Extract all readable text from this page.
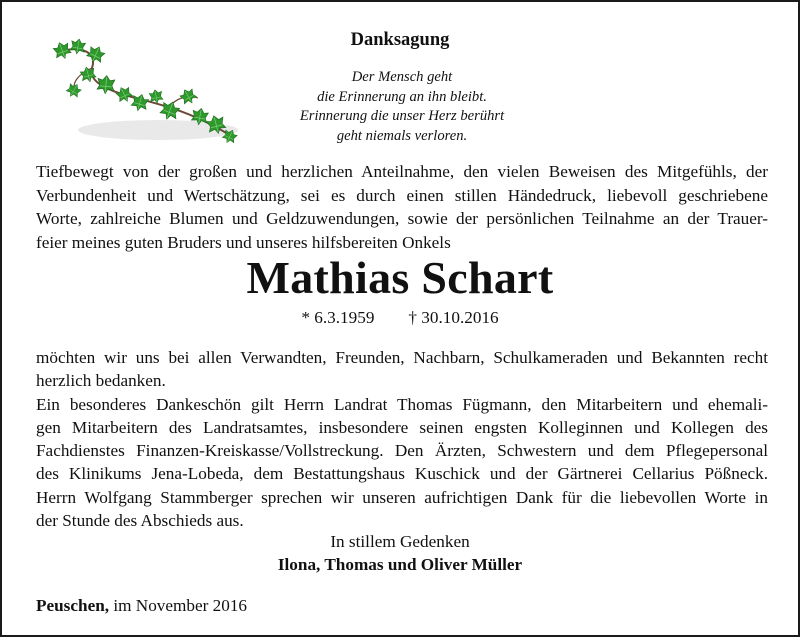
Danksagung
Der Mensch geht
die Erinnerung an ihn bleibt.
Erinnerung die unser Herz berührt
geht niemals verloren.
Tiefbewegt von der großen und herzlichen Anteilnahme, den vielen Beweisen des Mitgefühls, der
Verbundenheit und Wertschätzung, sei es durch einen stillen Händedruck, liebevoll geschriebene
Worte, zahlreiche Blumen und Geldzuwendungen, sowie der persönlichen Teilnahme an der Trauer-
feier meines guten Bruders und unseres hilfsbereiten Onkels
Mathias Schart
* 6.3.1959 † 30.10.2016
möchten wir uns bei allen Verwandten, Freunden, Nachbarn, Schulkameraden und Bekannten recht
herzlich bedanken.
Ein besonderes Dankeschön gilt Herrn Landrat Thomas Fügmann, den Mitarbeitern und ehemali-
gen Mitarbeitern des Landratsamtes, insbesondere seinen engsten Kolleginnen und Kollegen des
Fachdienstes Finanzen-Kreiskasse/Vollstreckung. Den Ärzten, Schwestern und dem Pflegepersonal
des Klinikums Jena-Lobeda, dem Bestattungshaus Kuschick und der Gärtnerei Cellarius Pößneck.
Herrn Wolfgang Stammberger sprechen wir unseren aufrichtigen Dank für die liebevollen Worte in
der Stunde des Abschieds aus.
In stillem Gedenken
Ilona, Thomas und Oliver Müller
Peuschen, im November 2016
